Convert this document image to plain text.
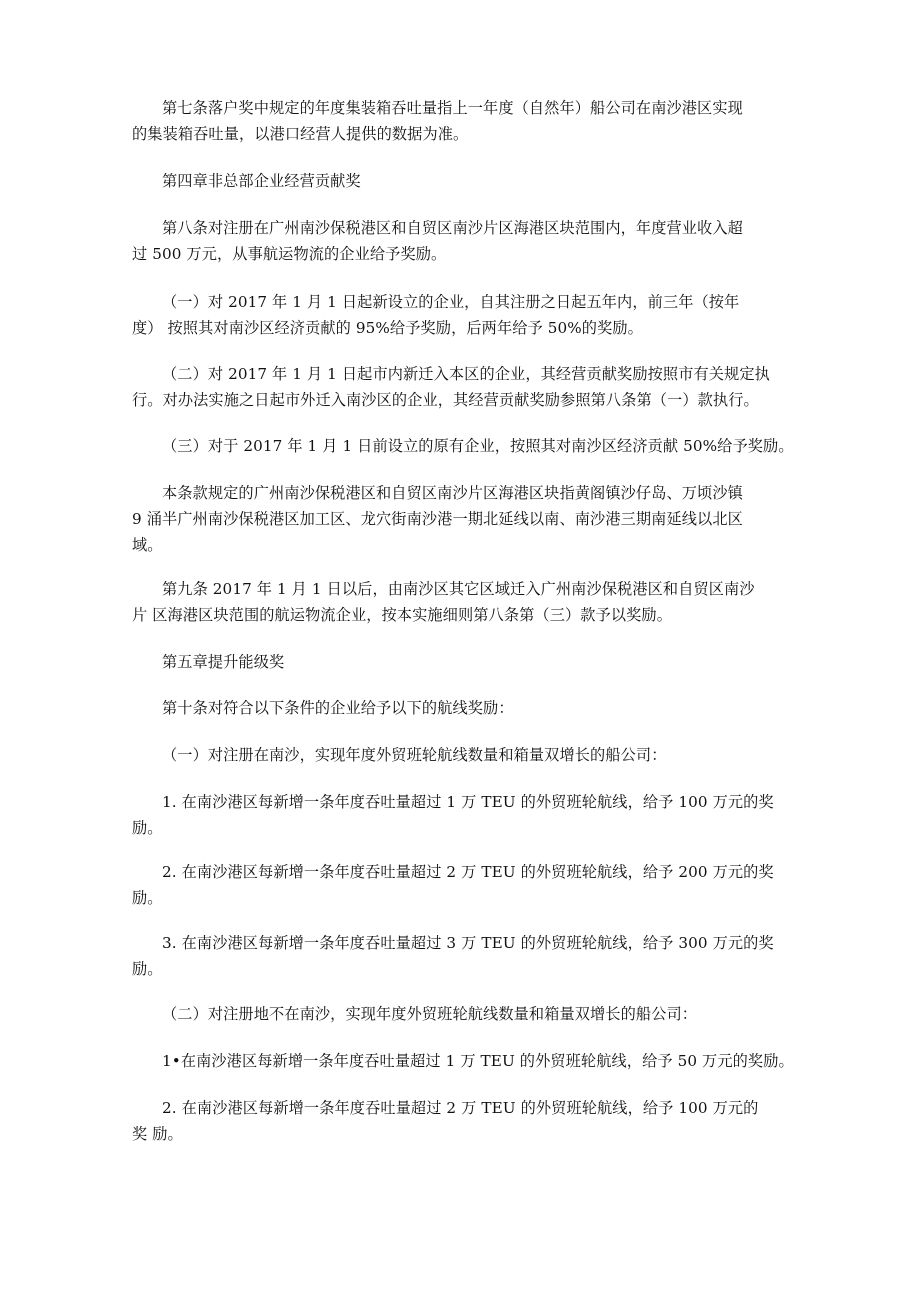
第七条落户奖中规定的年度集装箱吞吐量指上一年度（自然年）船公司在南沙港区实现
的集装箱吞吐量，以港口经营人提供的数据为准。
第四章非总部企业经营贡献奖
第八条对注册在广州南沙保税港区和自贸区南沙片区海港区块范围内，年度营业收入超
过 500 万元，从事航运物流的企业给予奖励。
（一）对 2017 年 1 月 1 日起新设立的企业，自其注册之日起五年内，前三年（按年
度） 按照其对南沙区经济贡献的 95%给予奖励，后两年给予 50%的奖励。
（二）对 2017 年 1 月 1 日起市内新迁入本区的企业，其经营贡献奖励按照市有关规定执
行。对办法实施之日起市外迁入南沙区的企业，其经营贡献奖励参照第八条第（一）款执行。
（三）对于 2017 年 1 月 1 日前设立的原有企业，按照其对南沙区经济贡献 50%给予奖励。
本条款规定的广州南沙保税港区和自贸区南沙片区海港区块指黄阁镇沙仔岛、万顷沙镇
9 涌半广州南沙保税港区加工区、龙穴街南沙港一期北延线以南、南沙港三期南延线以北区
域。
第九条 2017 年 1 月 1 日以后，由南沙区其它区域迁入广州南沙保税港区和自贸区南沙
片 区海港区块范围的航运物流企业，按本实施细则第八条第（三）款予以奖励。
第五章提升能级奖
第十条对符合以下条件的企业给予以下的航线奖励：
（一）对注册在南沙，实现年度外贸班轮航线数量和箱量双增长的船公司：
1. 在南沙港区每新增一条年度吞吐量超过 1 万 TEU 的外贸班轮航线，给予 100 万元的奖
励。
2. 在南沙港区每新增一条年度吞吐量超过 2 万 TEU 的外贸班轮航线，给予 200 万元的奖
励。
3. 在南沙港区每新增一条年度吞吐量超过 3 万 TEU 的外贸班轮航线，给予 300 万元的奖
励。
（二）对注册地不在南沙，实现年度外贸班轮航线数量和箱量双增长的船公司：
1•在南沙港区每新增一条年度吞吐量超过 1 万 TEU 的外贸班轮航线，给予 50 万元的奖励。
2. 在南沙港区每新增一条年度吞吐量超过 2 万 TEU 的外贸班轮航线，给予 100 万元的
奖 励。
